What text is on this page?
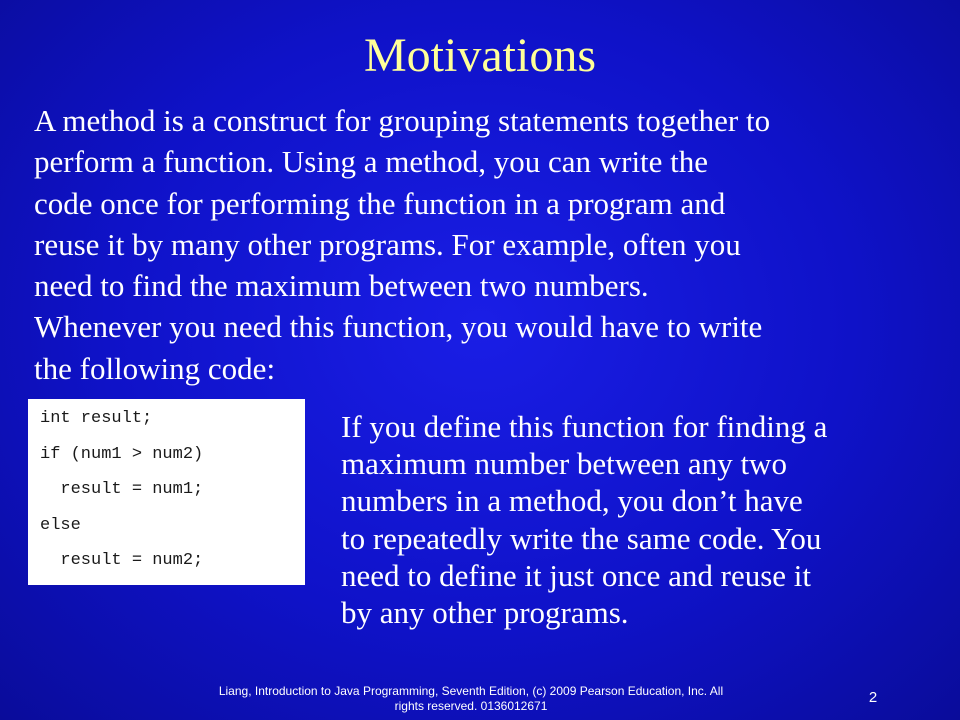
Motivations
A method is a construct for grouping statements together to
perform a function. Using a method, you can write the
code once for performing the function in a program and
reuse it by many other programs. For example, often you
need to find the maximum between two numbers.
Whenever you need this function, you would have to write
the following code:
int result;
if (num1 > num2)
result = num1;
else
result = num2;
If you define this function for finding a
maximum number between any two
numbers in a method, you don’t have
to repeatedly write the same code. You
need to define it just once and reuse it
by any other programs.
Liang, Introduction to Java Programming, Seventh Edition, (c) 2009 Pearson Education, Inc. All
rights reserved. 0136012671	2
